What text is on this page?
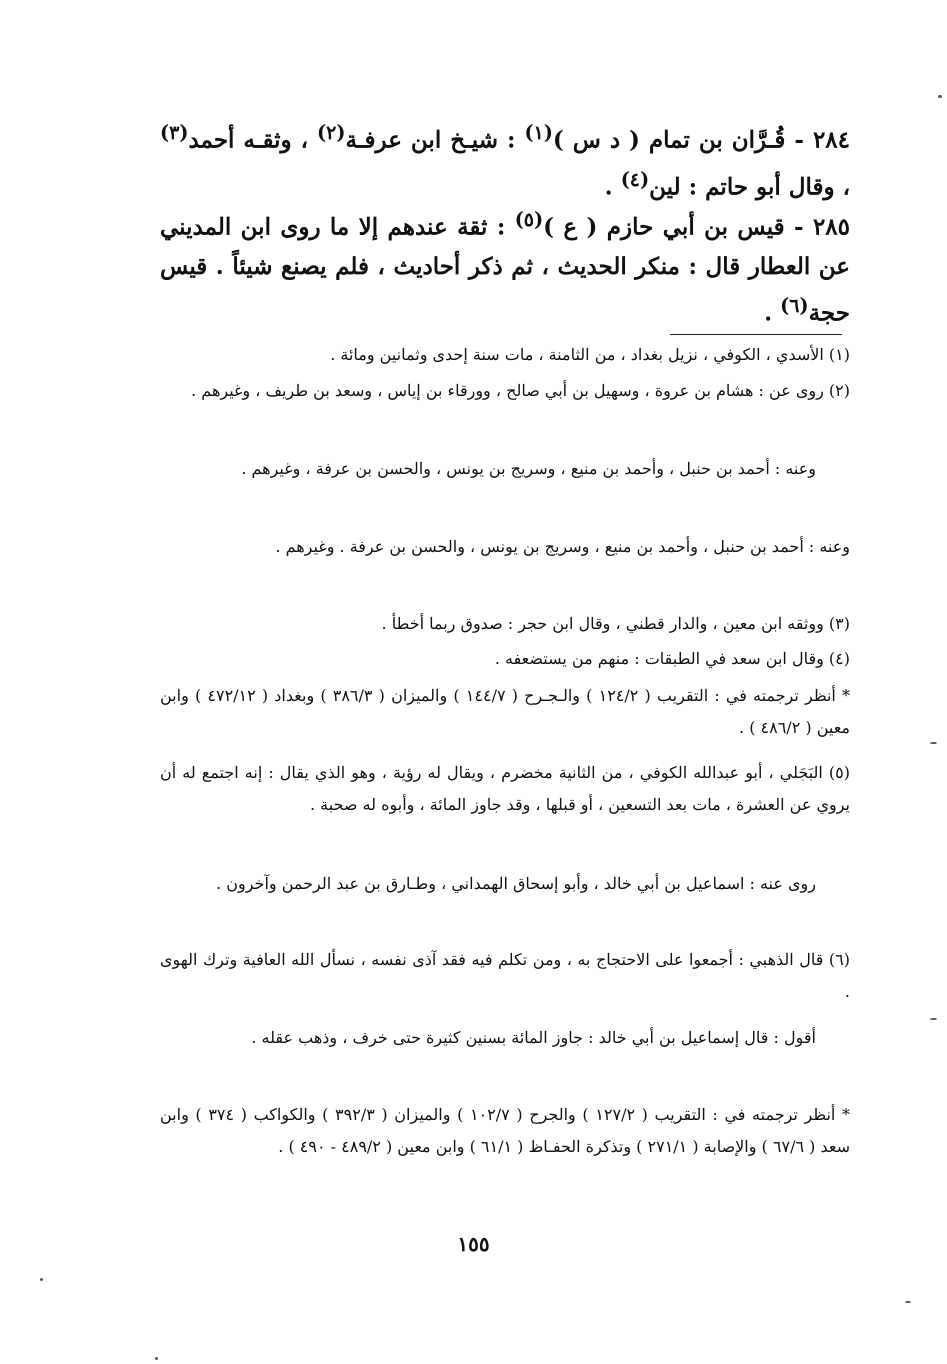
٢٨٤ - قُـرَّان بن تمام ( د س )$^{(١)}$ : شيـخ ابن عرفـة$^{(٢)}$ ، وثقـه أحمد$^{(٣)}$ ، وقال أبو حاتم : لين$^{(٤)}$ .

٢٨٥ - قيس بن أبي حازم ( ع )$^{(٥)}$ : ثقة عندهم إلا ما روى ابن المديني عن العطار قال : منكر الحديث ، ثم ذكر أحاديث ، فلم يصنع شيئاً . قيس حجة$^{(٦)}$ .

(١) الأسدي ، الكوفي ، نزيل بغداد ، من الثامنة ، مات سنة إحدى وثمانين ومائة .

(٢) روى عن : هشام بن عروة ، وسهيل بن أبي صالح ، وورقاء بن إياس ، وسعد بن طريف ، وغيرهم .

وعنه : أحمد بن حنبل ، وأحمد بن منيع ، وسريج بن يونس ، والحسن بن عرفة ، وغيرهم .

وعنه : أحمد بن حنبل ، وأحمد بن منيع ، وسريج بن يونس ، والحسن بن عرفة . وغيرهم .

(٣) ووثقه ابن معين ، والدار قطني ، وقال ابن حجر : صدوق ربما أخطأ .

(٤) وقال ابن سعد في الطبقات : منهم من يستضعفه .

* أنظر ترجمته في : التقريب ( ١٢٤/٢ ) والـجـرح ( ١٤٤/٧ ) والميزان ( ٣٨٦/٣ ) وبغداد ( ٤٧٢/١٢ ) وابن معين ( ٤٨٦/٢ ) .

(٥) البَجَلي ، أبو عبدالله الكوفي ، من الثانية مخضرم ، ويقال له رؤية ، وهو الذي يقال : إنه اجتمع له أن يروي عن العشرة ، مات بعد التسعين ، أو قبلها ، وقد جاوز المائة ، وأبوه له صحبة .

روى عنه : اسماعيل بن أبي خالد ، وأبو إسحاق الهمداني ، وطـارق بن عبد الرحمن وآخرون .

(٦) قال الذهبي : أجمعوا على الاحتجاج به ، ومن تكلم فيه فقد آذى نفسه ، نسأل الله العافية وترك الهوى .

أقول : قال إسماعيل بن أبي خالد : جاوز المائة بسنين كثيرة حتى خرف ، وذهب عقله .

* أنظر ترجمته في : التقريب ( ١٢٧/٢ ) والجرح ( ١٠٢/٧ ) والميزان ( ٣٩٢/٣ ) والكواكب ( ٣٧٤ ) وابن سعد ( ٦٧/٦ ) والإصابة ( ٢٧١/١ ) وتذكرة الحفـاظ ( ٦١/١ ) وابن معين ( ٤٨٩/٢ - ٤٩٠ ) .

١٥٥
